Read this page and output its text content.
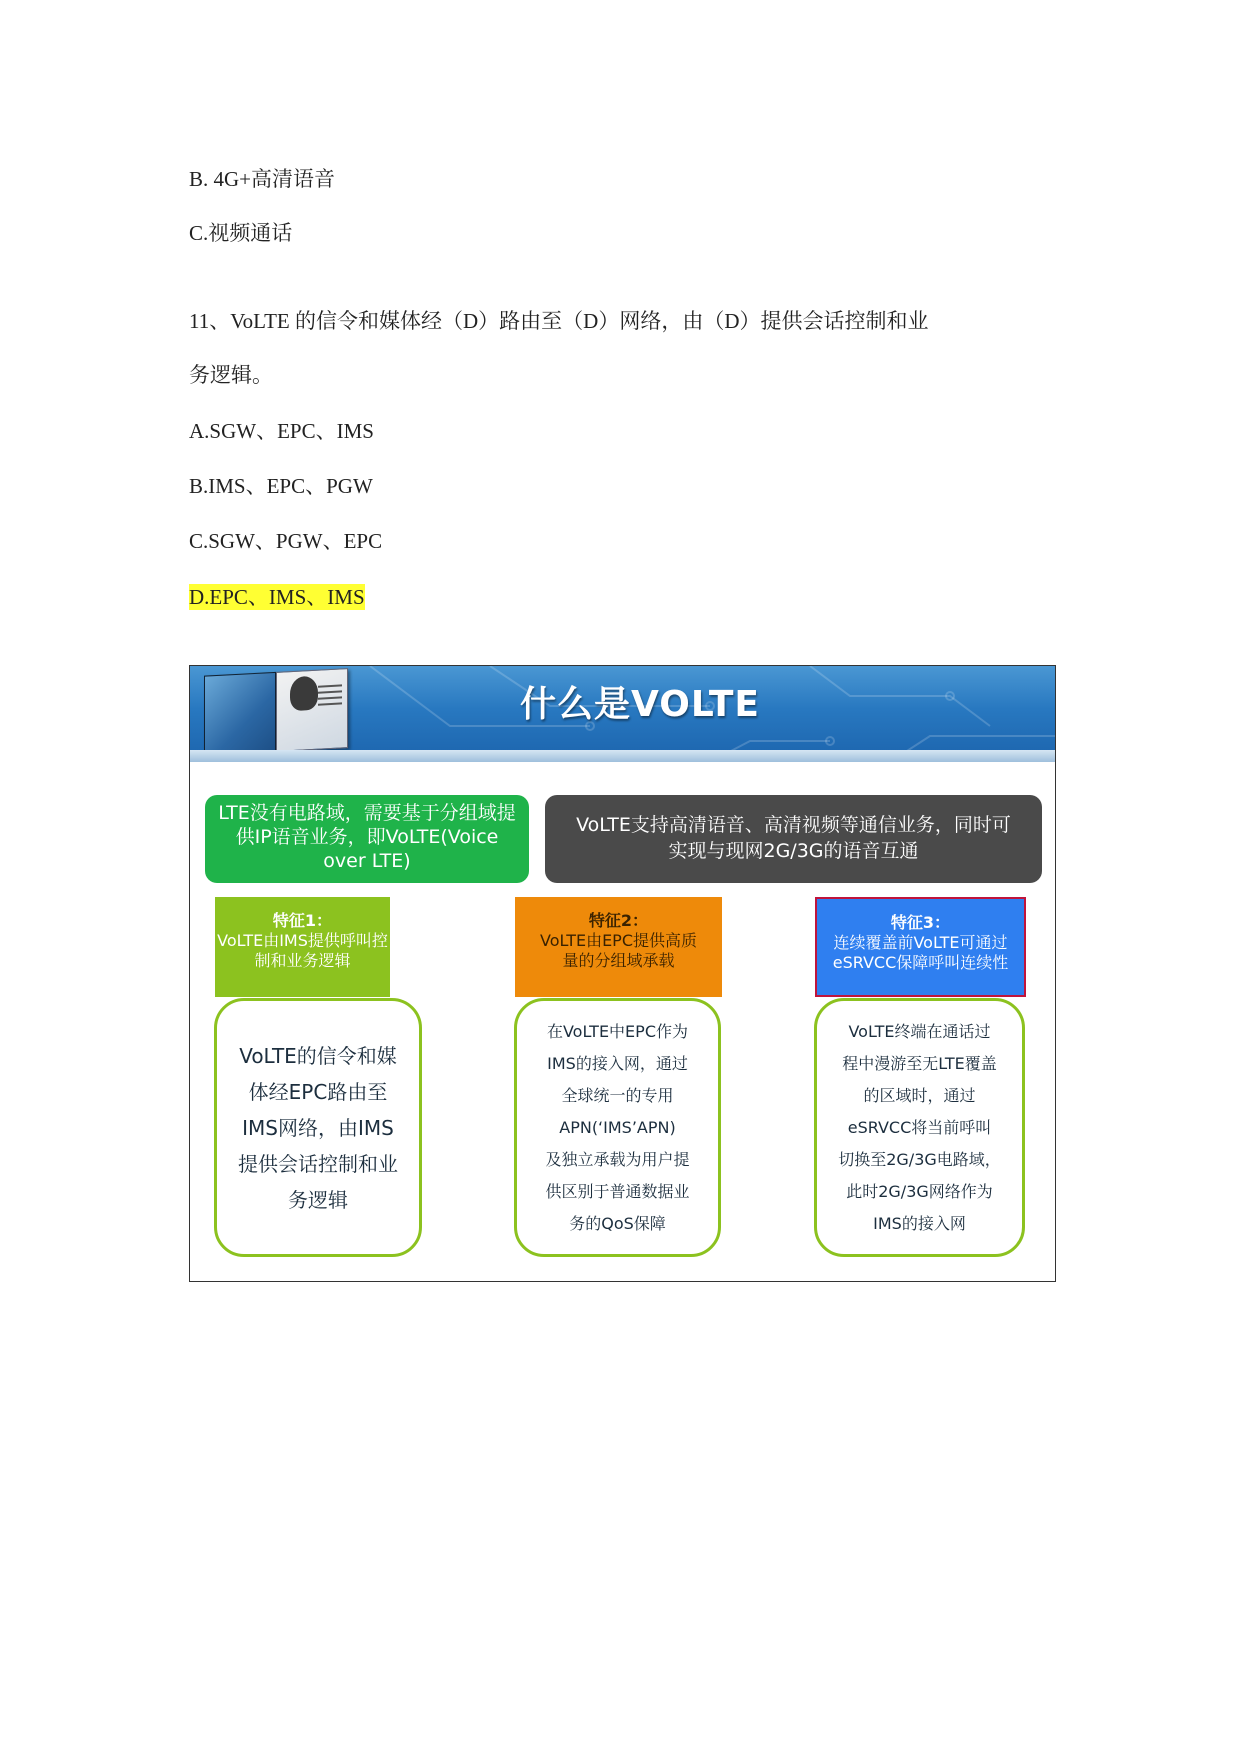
B. 4G+高清语音
C.视频通话
11、VoLTE 的信令和媒体经（D）路由至（D）网络，由（D）提供会话控制和业
务逻辑。
A.SGW、EPC、IMS
B.IMS、EPC、PGW
C.SGW、PGW、EPC
D.EPC、IMS、IMS
什么是VOLTE
LTE没有电路域，需要基于分组域提供IP语音业务，即VoLTE(Voice over LTE)
VoLTE支持高清语音、高清视频等通信业务，同时可
实现与现网2G/3G的语音互通
特征1：
VoLTE由IMS提供呼叫控
制和业务逻辑
特征2：
VoLTE由EPC提供高质
量的分组域承载
特征3：
连续覆盖前VoLTE可通过
eSRVCC保障呼叫连续性
VoLTE的信令和媒
体经EPC路由至
IMS网络，由IMS
提供会话控制和业
务逻辑
在VoLTE中EPC作为
IMS的接入网，通过
全球统一的专用
APN(‘IMS’APN)
及独立承载为用户提
供区别于普通数据业
务的QoS保障
VoLTE终端在通话过
程中漫游至无LTE覆盖
的区域时，通过
eSRVCC将当前呼叫
切换至2G/3G电路域，
此时2G/3G网络作为
IMS的接入网
